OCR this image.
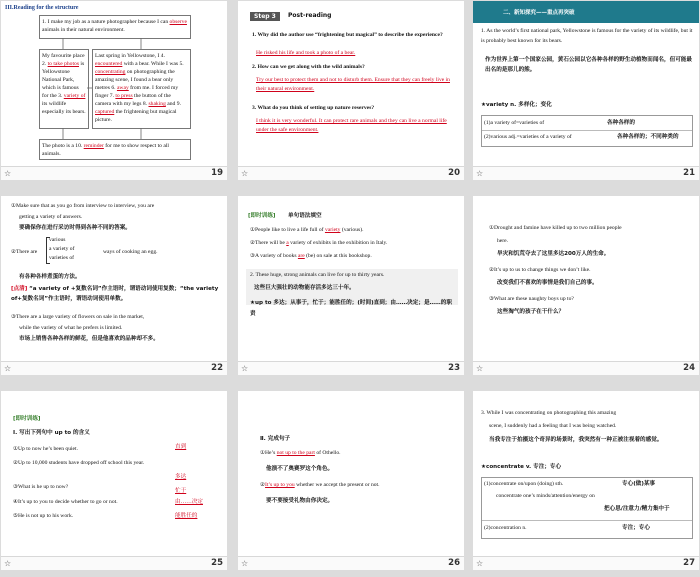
III.Reading for the structure
1. I make my job as a nature photographer because I can observe animals in their natural environment.
My favourite place 2. to take photos is Yellowstone National Park, which is famous for the 3. variety of its wildlife especially its bears.
Last spring in Yellowstone, I 4. encountered with a bear. While I was 5. concentrating on photographing the amazing scene, I found a bear only metres 6. away from me. I forced my finger 7. to press the button of the camera with my legs 8. shaking and 9. captured the frightening but magical picture.
The photo is a 10. reminder for me to show respect to all animals.
☆	19
Step 3	Post-reading
1. Why did the author use “frightening but magical” to describe the experience?
He risked his life and took a photo of a bear.
2. How can we get along with the wild animals?
Try our best to protect them and not to disturb them. Ensure that they can freely live in their natural environment.
3. What do you think of setting up nature reserves?
I think it is very wonderful. It can protect rare animals and they can live a normal life under the safe environment.
☆	20
二、新知探究——重点再突破
1. As the world’s first national park, Yellowstone is famous for the variety of its wildlife, but it is probably best known for its bears.
作为世界上第一个国家公园，黄石公园以它各种各样的野生动植物而闻名，但可能最出名的是那儿的熊。
★variety n. 多样化；变化
(1)a variety of=varieties of	各种各样的
(2)various adj.=varieties of a variety of	各种各样的；不同种类的
☆	21
①Make sure that as you go from interview to interview, you are
getting a variety of answers.
要确保你在进行采访时得到各种不同的答案。
②There are
various
a variety of
varieties of
ways of cooking an egg.
有各种各样煮蛋的方法。
[点清] “a variety of +复数名词”作主语时，谓语动词使用复数；“the variety of+复数名词”作主语时，谓语动词使用单数。
③There are a large variety of flowers on sale in the market,
while the variety of what he prefers is limited.
市场上销售各种各样的鲜花，但是他喜欢的品种却不多。
☆	22
[即时训练] 单句语法填空
①People like to live a life full of variety (various).
②There will be a variety of exhibits in the exhibition in Italy.
③A variety of books are (be) on sale at this bookshop.
2. These huge, strong animals can live for up to thirty years.
这些巨大强壮的动物能存活多达三十年。
★up to 多达；从事于，忙于；能胜任的；(时间)直到；由……决定；是……的职责
☆	23
①Drought and famine have killed up to two million people
here.
旱灾和饥荒夺去了这里多达200万人的生命。
②It’s up to us to change things we don’t like.
改变我们不喜欢的事情是我们自己的事。
③What are these naughty boys up to?
这些淘气的孩子在干什么？
☆	24
[即时训练]
Ⅰ. 写出下列句中 up to 的含义
①Up to now he’s been quiet.	直到
②Up to 10,000 students have dropped off school this year.
多达
③What is he up to now?
忙于
④It’s up to you to decide whether to go or not.	由……决定
⑤He is not up to his work.	能胜任的
☆	25
Ⅱ. 完成句子
①He’s not up to the part of Othello.
他演不了奥赛罗这个角色。
②It’s up to you whether we accept the present or not.
要不要接受礼物由你决定。
☆	26
3. While I was concentrating on photographing this amazing
scene, I suddenly had a feeling that I was being watched.
当我专注于拍摄这个奇异的场景时，我突然有一种正被注视着的感觉。
★concentrate v. 专注；专心
(1)concentrate on/upon (doing) sth.	专心(做)某事
concentrate one’s minds/attention/energy on
把心思/注意力/精力集中于
(2)concentration n.	专注；专心
☆	27
